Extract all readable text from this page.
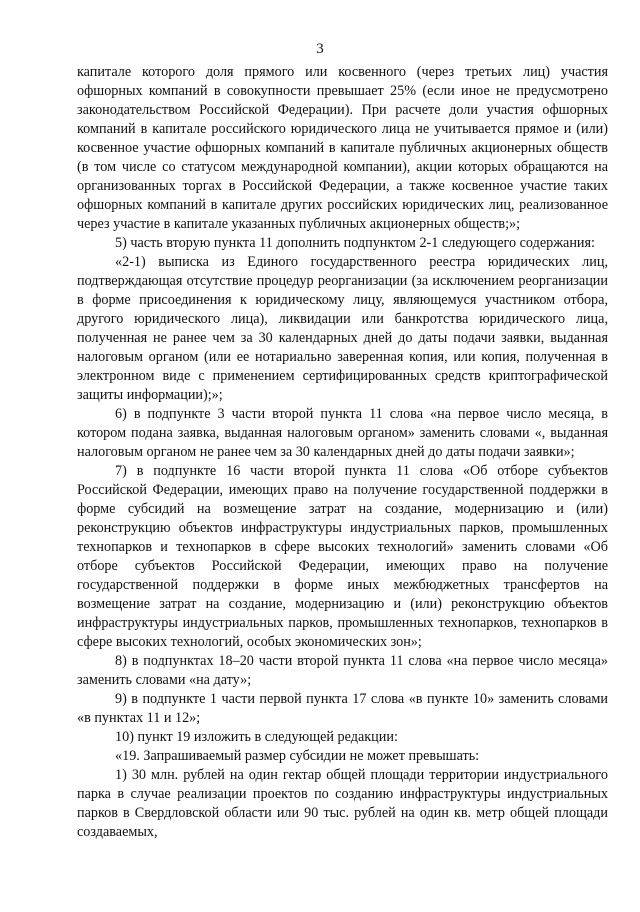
3

капитале которого доля прямого или косвенного (через третьих лиц) участия офшорных компаний в совокупности превышает 25% (если иное не предусмотрено законодательством Российской Федерации). При расчете доли участия офшорных компаний в капитале российского юридического лица не учитывается прямое и (или) косвенное участие офшорных компаний в капитале публичных акционерных обществ (в том числе со статусом международной компании), акции которых обращаются на организованных торгах в Российской Федерации, а также косвенное участие таких офшорных компаний в капитале других российских юридических лиц, реализованное через участие в капитале указанных публичных акционерных обществ;»;

5) часть вторую пункта 11 дополнить подпунктом 2-1 следующего содержания:

«2-1) выписка из Единого государственного реестра юридических лиц, подтверждающая отсутствие процедур реорганизации (за исключением реорганизации в форме присоединения к юридическому лицу, являющемуся участником отбора, другого юридического лица), ликвидации или банкротства юридического лица, полученная не ранее чем за 30 календарных дней до даты подачи заявки, выданная налоговым органом (или ее нотариально заверенная копия, или копия, полученная в электронном виде с применением сертифицированных средств криптографической защиты информации);»;

6) в подпункте 3 части второй пункта 11 слова «на первое число месяца, в котором подана заявка, выданная налоговым органом» заменить словами «, выданная налоговым органом не ранее чем за 30 календарных дней до даты подачи заявки»;

7) в подпункте 16 части второй пункта 11 слова «Об отборе субъектов Российской Федерации, имеющих право на получение государственной поддержки в форме субсидий на возмещение затрат на создание, модернизацию и (или) реконструкцию объектов инфраструктуры индустриальных парков, промышленных технопарков и технопарков в сфере высоких технологий» заменить словами «Об отборе субъектов Российской Федерации, имеющих право на получение государственной поддержки в форме иных межбюджетных трансфертов на возмещение затрат на создание, модернизацию и (или) реконструкцию объектов инфраструктуры индустриальных парков, промышленных технопарков, технопарков в сфере высоких технологий, особых экономических зон»;

8) в подпунктах 18–20 части второй пункта 11 слова «на первое число месяца» заменить словами «на дату»;

9) в подпункте 1 части первой пункта 17 слова «в пункте 10» заменить словами «в пунктах 11 и 12»;

10) пункт 19 изложить в следующей редакции:

«19. Запрашиваемый размер субсидии не может превышать:

1) 30 млн. рублей на один гектар общей площади территории индустриального парка в случае реализации проектов по созданию инфраструктуры индустриальных парков в Свердловской области или 90 тыс. рублей на один кв. метр общей площади создаваемых,
